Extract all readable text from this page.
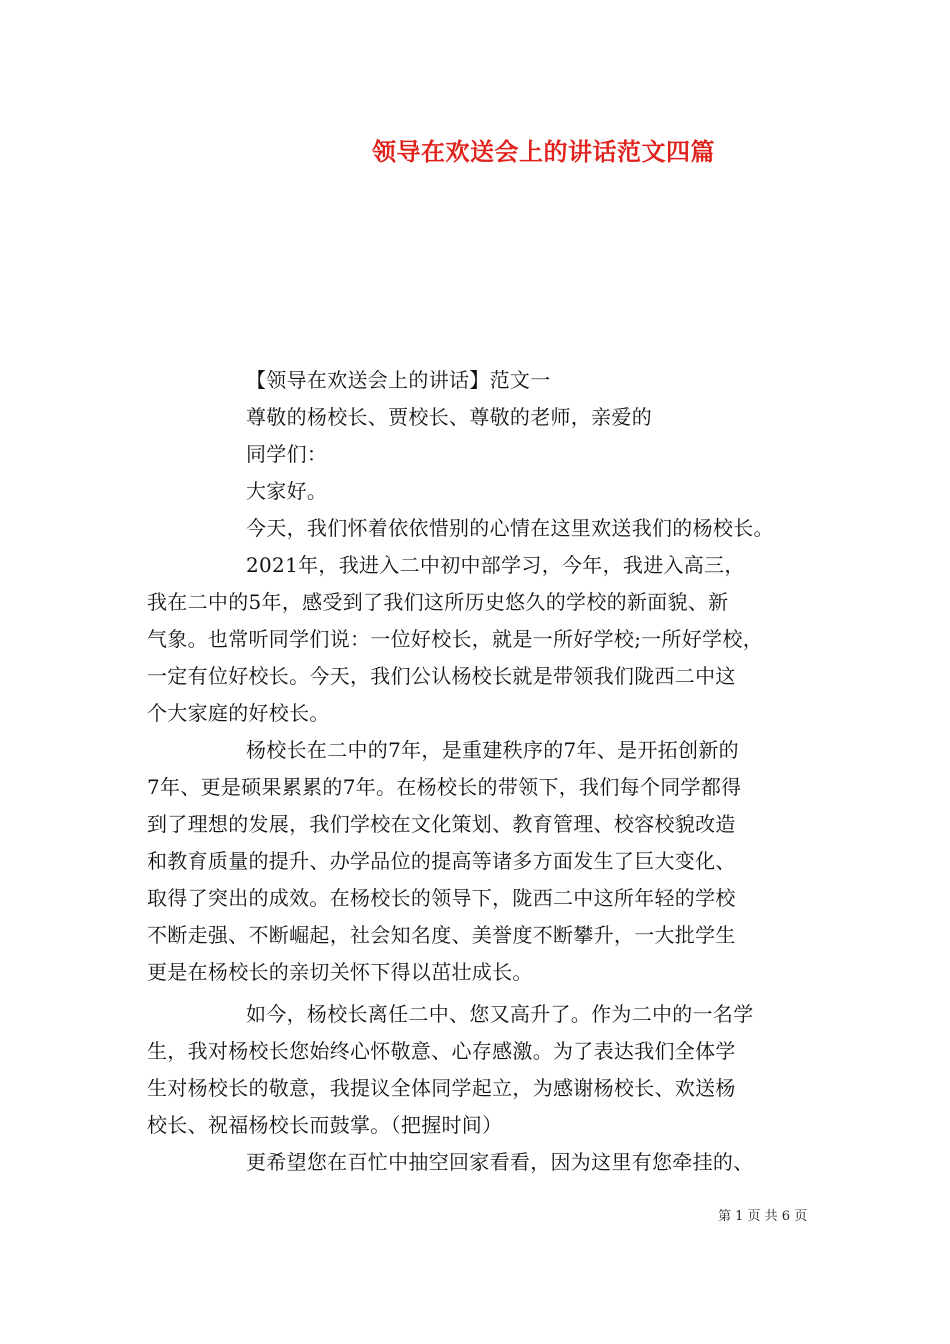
领导在欢送会上的讲话范文四篇
【领导在欢送会上的讲话】范文一
尊敬的杨校长、贾校长、尊敬的老师，亲爱的
同学们：
大家好。
今天，我们怀着依依惜别的心情在这里欢送我们的杨校长。
2021年，我进入二中初中部学习，今年，我进入高三，
我在二中的5年，感受到了我们这所历史悠久的学校的新面貌、新
气象。也常听同学们说：一位好校长，就是一所好学校;一所好学校，
一定有位好校长。今天，我们公认杨校长就是带领我们陇西二中这
个大家庭的好校长。
杨校长在二中的7年，是重建秩序的7年、是开拓创新的
7年、更是硕果累累的7年。在杨校长的带领下，我们每个同学都得
到了理想的发展，我们学校在文化策划、教育管理、校容校貌改造
和教育质量的提升、办学品位的提高等诸多方面发生了巨大变化、
取得了突出的成效。在杨校长的领导下，陇西二中这所年轻的学校
不断走强、不断崛起，社会知名度、美誉度不断攀升，一大批学生
更是在杨校长的亲切关怀下得以茁壮成长。
如今，杨校长离任二中、您又高升了。作为二中的一名学
生，我对杨校长您始终心怀敬意、心存感激。为了表达我们全体学
生对杨校长的敬意，我提议全体同学起立，为感谢杨校长、欢送杨
校长、祝福杨校长而鼓掌。（把握时间）
更希望您在百忙中抽空回家看看，因为这里有您牵挂的、
第 1 页 共 6 页
